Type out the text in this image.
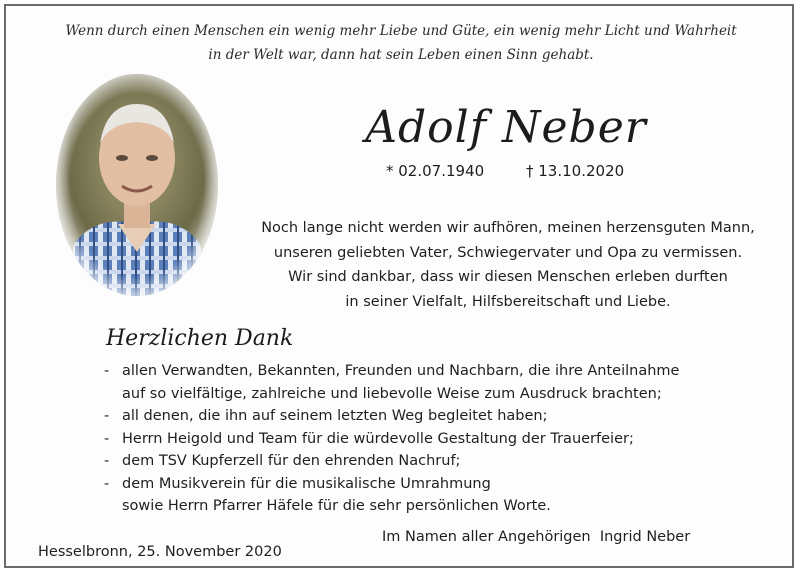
Wenn durch einen Menschen ein wenig mehr Liebe und Güte, ein wenig mehr Licht und Wahrheit
in der Welt war, dann hat sein Leben einen Sinn gehabt.
Adolf Neber
* 02.07.1940	† 13.10.2020
Noch lange nicht werden wir aufhören, meinen herzensguten Mann,
unseren geliebten Vater, Schwiegervater und Opa zu vermissen.
Wir sind dankbar, dass wir diesen Menschen erleben durften
in seiner Vielfalt, Hilfsbereitschaft und Liebe.
Herzlichen Dank
- allen Verwandten, Bekannten, Freunden und Nachbarn, die ihre Anteilnahme
auf so vielfältige, zahlreiche und liebevolle Weise zum Ausdruck brachten;
- all denen, die ihn auf seinem letzten Weg begleitet haben;
- Herrn Heigold und Team für die würdevolle Gestaltung der Trauerfeier;
- dem TSV Kupferzell für den ehrenden Nachruf;
- dem Musikverein für die musikalische Umrahmung
sowie Herrn Pfarrer Häfele für die sehr persönlichen Worte.
Im Namen aller Angehörigen  Ingrid Neber
Hesselbronn, 25. November 2020
